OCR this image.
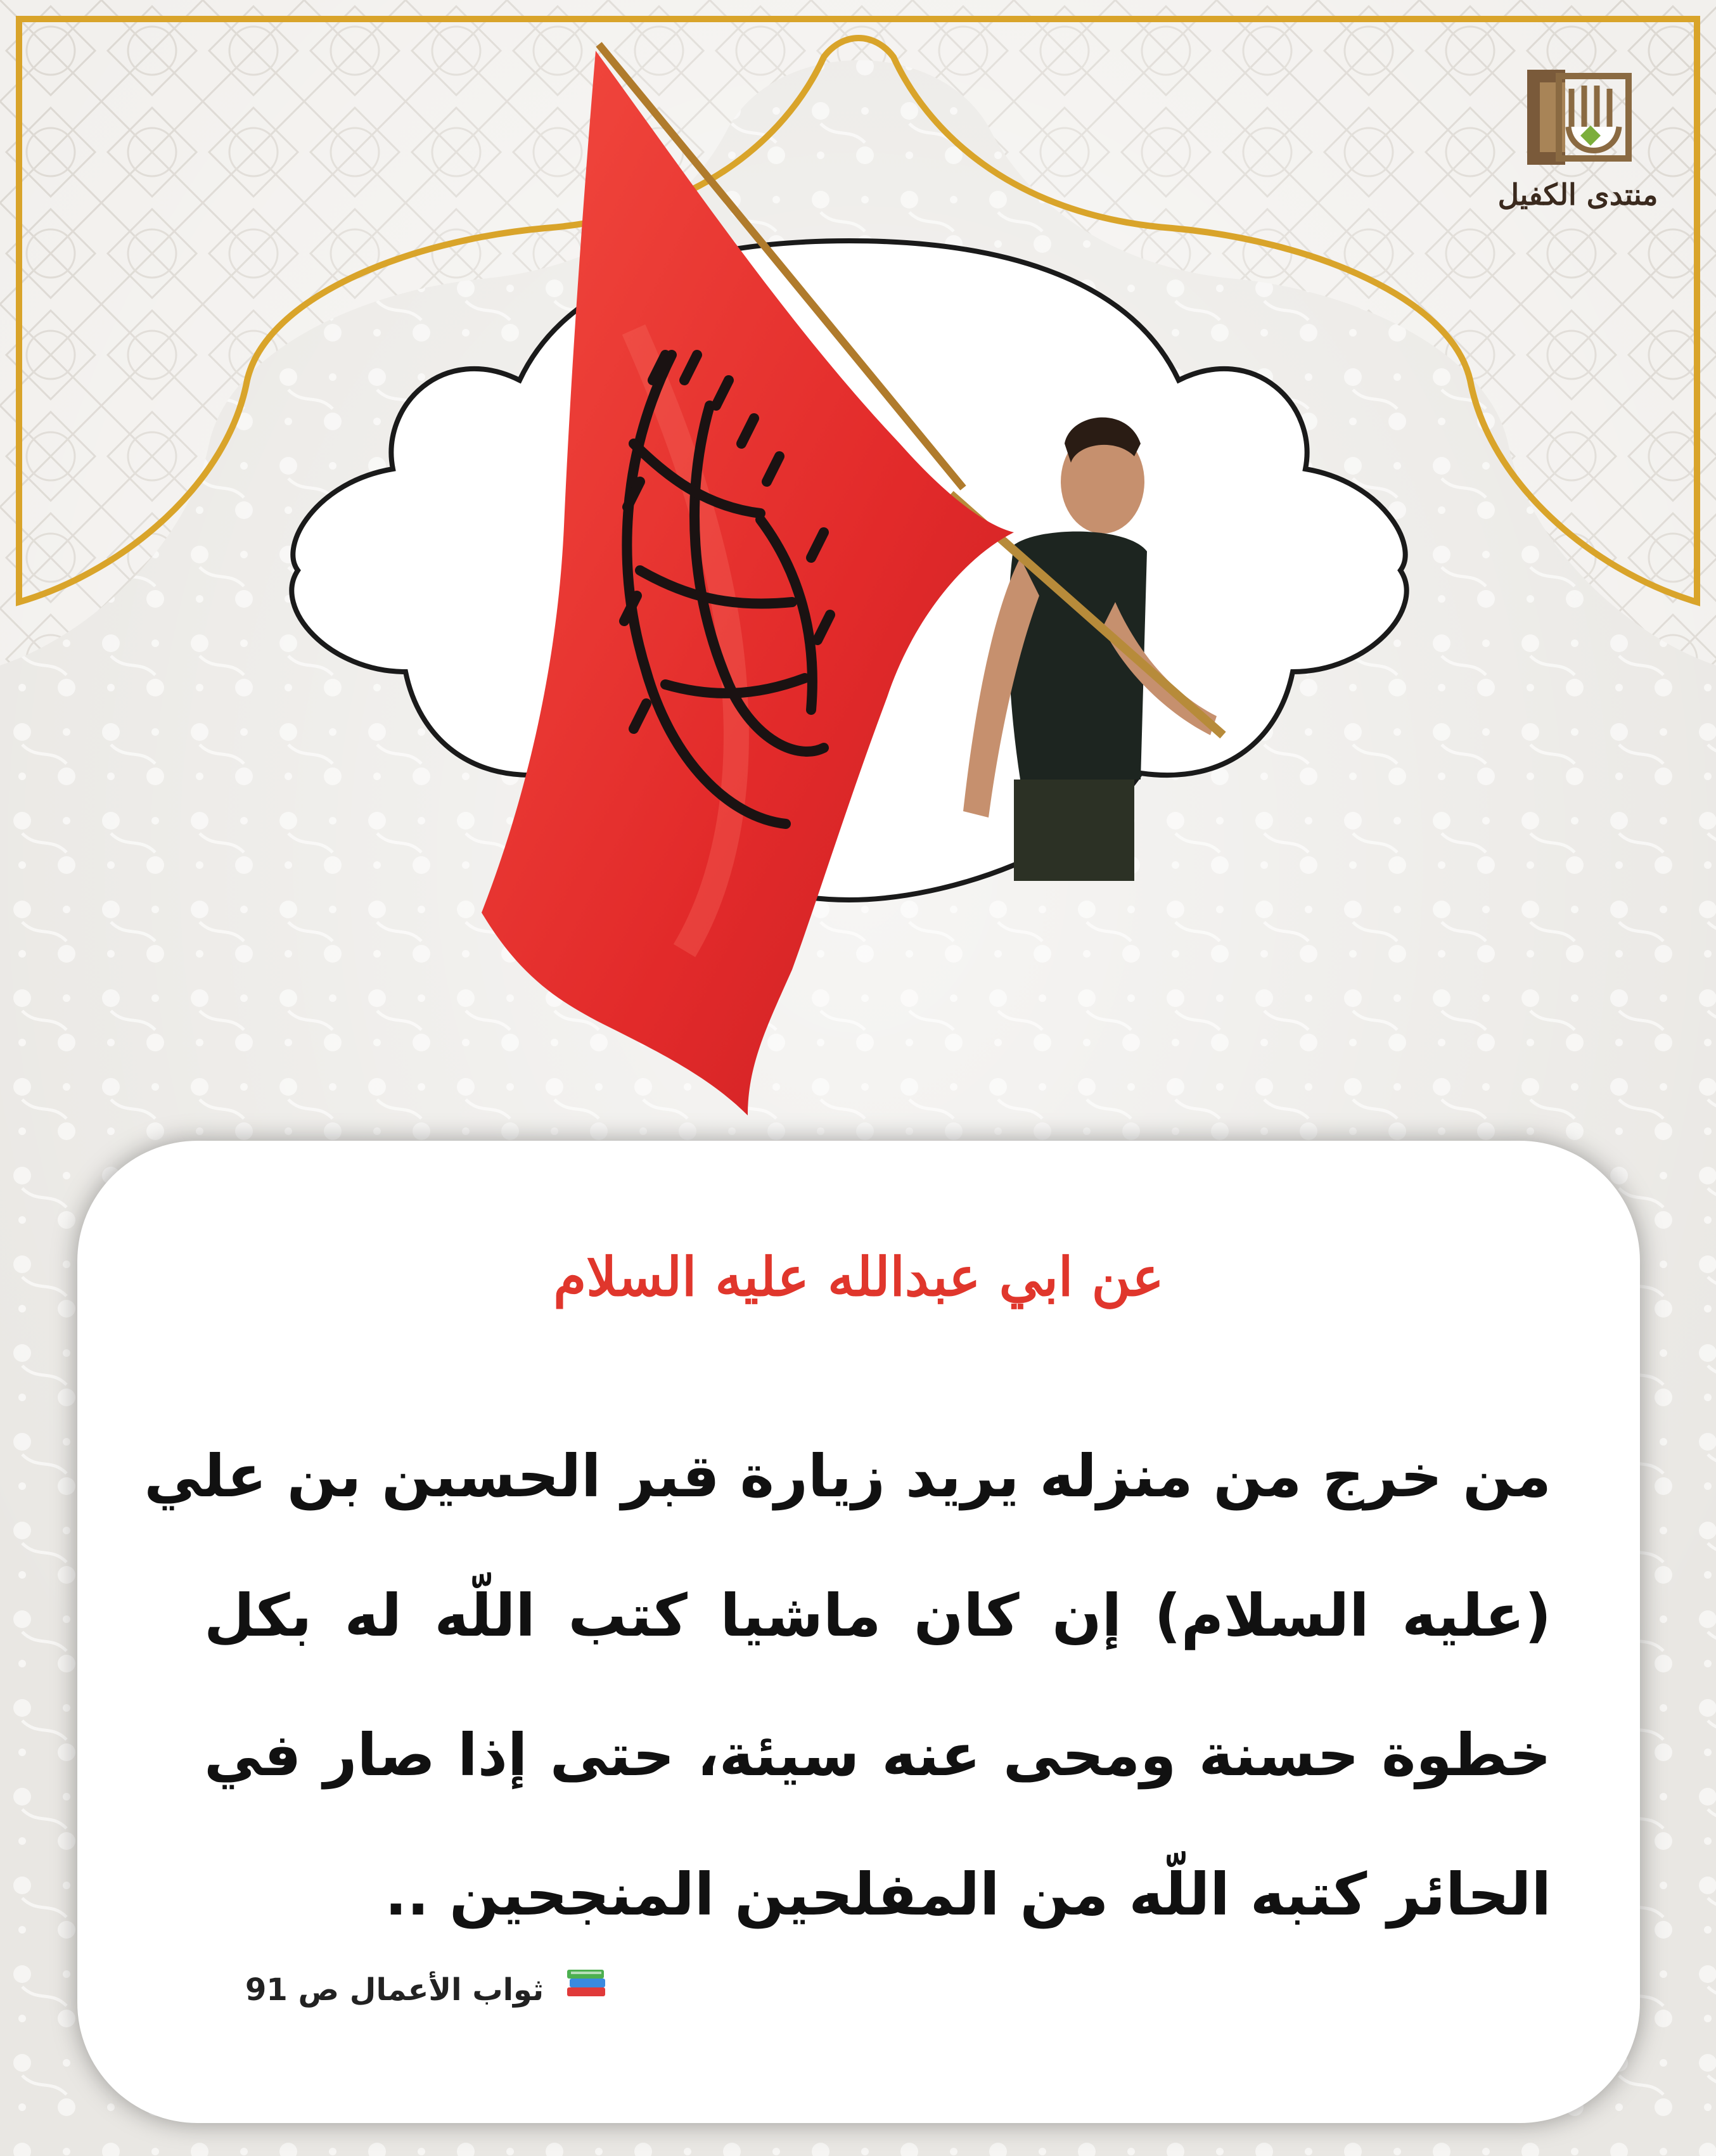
منتدى الكفيل
عن ابي عبدالله عليه السلام
من خرج من منزله يريد زيارة قبر الحسين بن علي
(عليه السلام) إن كان ماشيا كتب اللّه له بكل
خطوة حسنة ومحى عنه سيئة، حتى إذا صار في
الحائر كتبه اللّه من المفلحين المنجحين ..
ثواب الأعمال ص 91
